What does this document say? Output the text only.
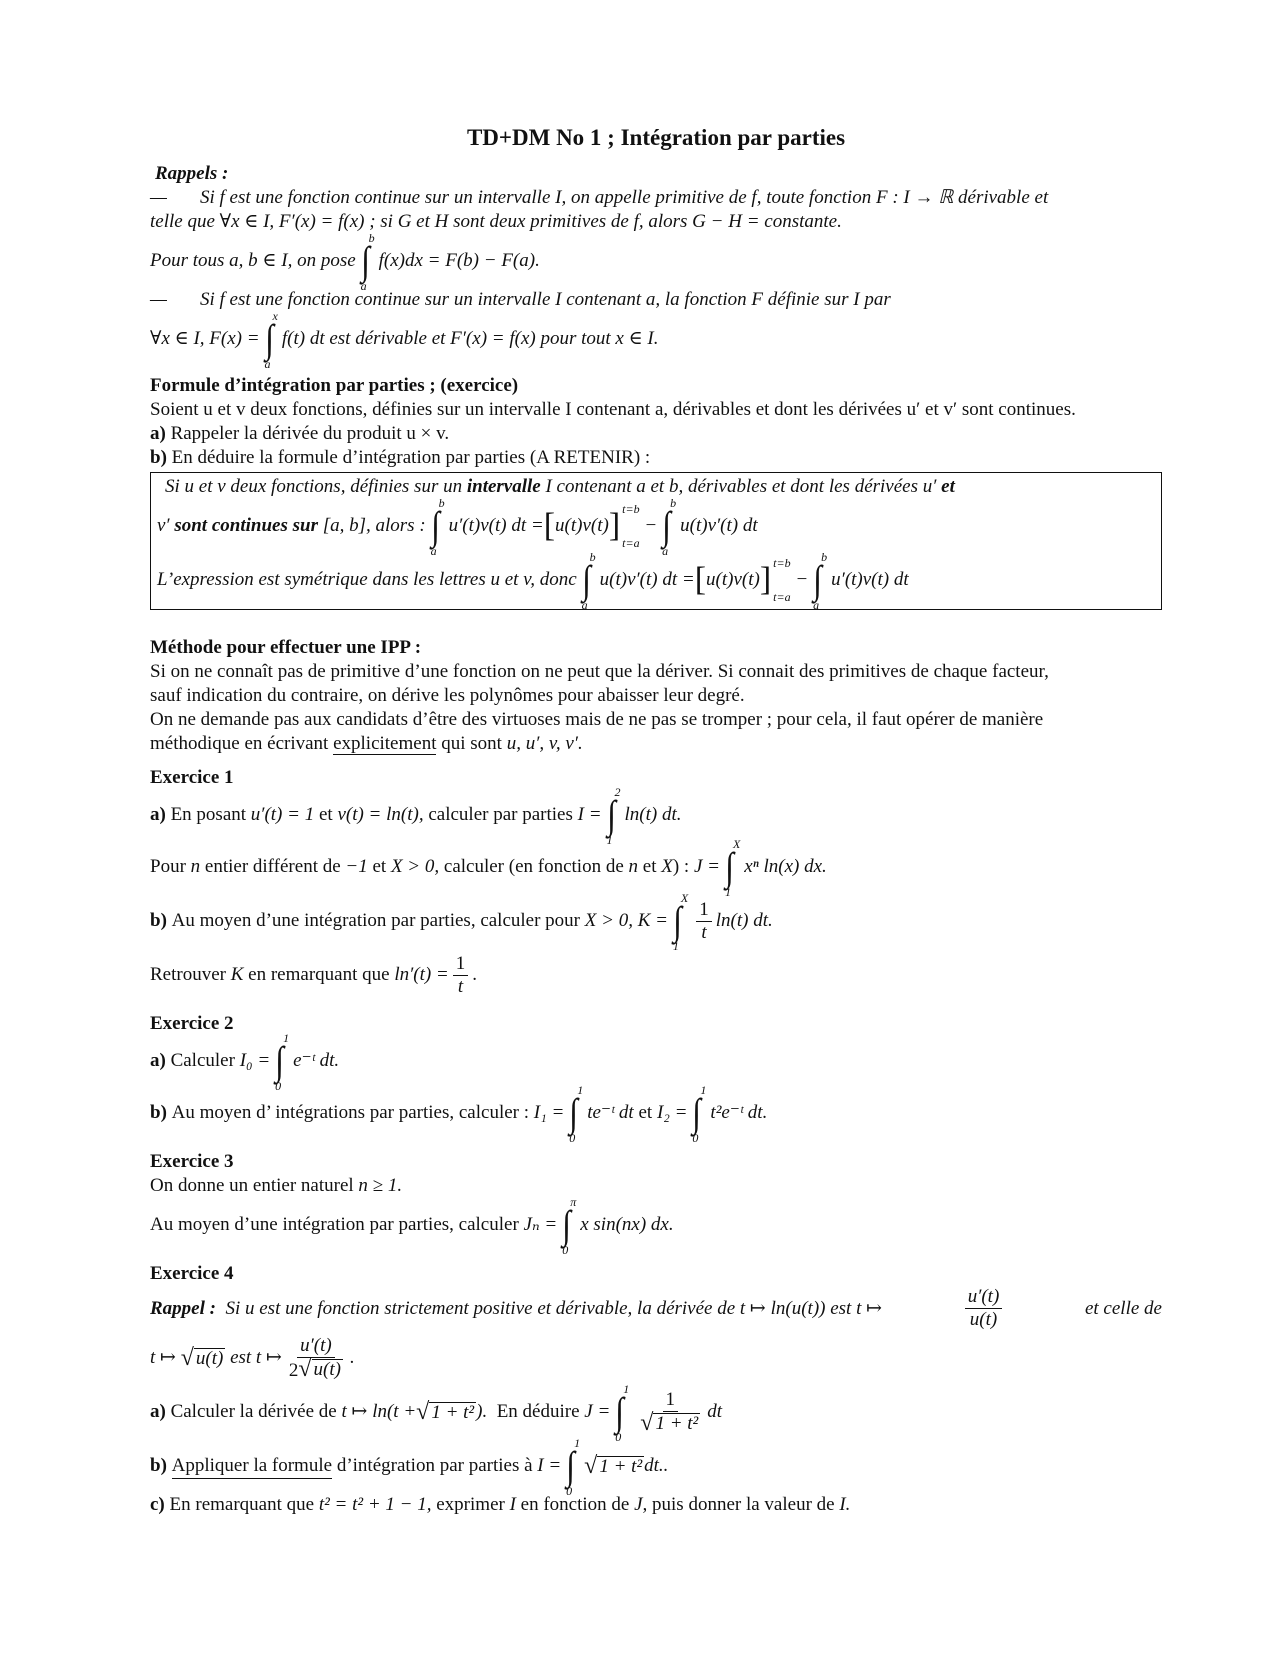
TD+DM No 1 ; Intégration par parties
Rappels :
— Si f est une fonction continue sur un intervalle I, on appelle primitive de f, toute fonction F : I → ℝ dérivable et
telle que ∀x ∈ I, F′(x) = f(x) ; si G et H sont deux primitives de f, alors G − H = constante.
Pour tous a, b ∈ I, on pose ∫ b
a
f(x)dx = F(b) − F(a).
— Si f est une fonction continue sur un intervalle I contenant a, la fonction F définie sur I par
∀x ∈ I, F(x) = ∫ x
a
f(t) dt est dérivable et F′(x) = f(x) pour tout x ∈ I.
Formule d’intégration par parties ; (exercice)
Soient u et v deux fonctions, définies sur un intervalle I contenant a, dérivables et dont les dérivées u′ et v′ sont continues.
a) Rappeler la dérivée du produit u × v.
b) En déduire la formule d’intégration par parties (A RETENIR) :
Si u et v deux fonctions, définies sur un intervalle I contenant a et b, dérivables et dont les dérivées u′ et
v′
sont continues sur
[a, b], alors : ∫ b
a
u′(t)v(t) dt = [ u(t)v(t) ] t=b
t=a

− ∫ b
a
u(t)v′(t) dt
L’expression est symétrique dans les lettres u et v, donc ∫ b
a
u(t)v′(t) dt = [ u(t)v(t) ] t=b
t=a

− ∫ b
a
u′(t)v(t) dt
Méthode pour effectuer une IPP :
Si on ne connaît pas de primitive d’une fonction on ne peut que la dériver. Si connait des primitives de chaque facteur,
sauf indication du contraire, on dérive les polynômes pour abaisser leur degré.
On ne demande pas aux candidats d’être des virtuoses mais de ne pas se tromper ; pour cela, il faut opérer de manière
méthodique en écrivant explicitement qui sont u, u′, v, v′.
Exercice 1
a)
En posant
u′(t) = 1
et
v(t) = ln(t),
calculer par parties
I = ∫ 2
1
ln(t) dt.
Pour
n
entier différent de
−1
et
X > 0,
calculer (en fonction de
n
et
X ) :
J = ∫ X
1
xⁿ ln(x) dx.
b)
Au moyen d’une intégration par parties, calculer pour
X > 0, K = ∫ X
1
$\frac{1}{t} \ln(t)$ dt.
Retrouver
K
en remarquant que
$\ln'(t) = \frac{1}{t}$ .
Exercice 2
a)
Calculer
I₀ = ∫ 1
0
e⁻ᵗ dt.
b)
Au moyen d’ intégrations par parties, calculer :
I₁ = ∫ 1
0
te⁻ᵗ dt
et
I₂ = ∫ 1
0
t²e⁻ᵗ dt.
Exercice 3
On donne un entier naturel n ≥ 1.
Au moyen d’une intégration par parties, calculer
Jₙ = ∫ π
0
x sin(nx) dx.
Exercice 4
Rappel : Si u est une fonction strictement positive et dérivable, la dérivée de t ↦ ln(u(t)) est t ↦	$\frac{u'(t)}{u(t)}$	et celle de
t ↦
√ u(t)
est t ↦ $\frac{u'(t)}{2 √ u(t)}$ .
a)
Calculer la dérivée de
t ↦ ln(t + √ 1 + t² ).
En déduire
J = ∫ 1
0
$\frac{1}{\text{√ 1 + t²}}$ dt
b)
Appliquer la formule
d’intégration par parties à
I = ∫ 1
0
√ 1 + t² dt..
c) En remarquant que t² = t² + 1 − 1, exprimer I en fonction de J, puis donner la valeur de I.
